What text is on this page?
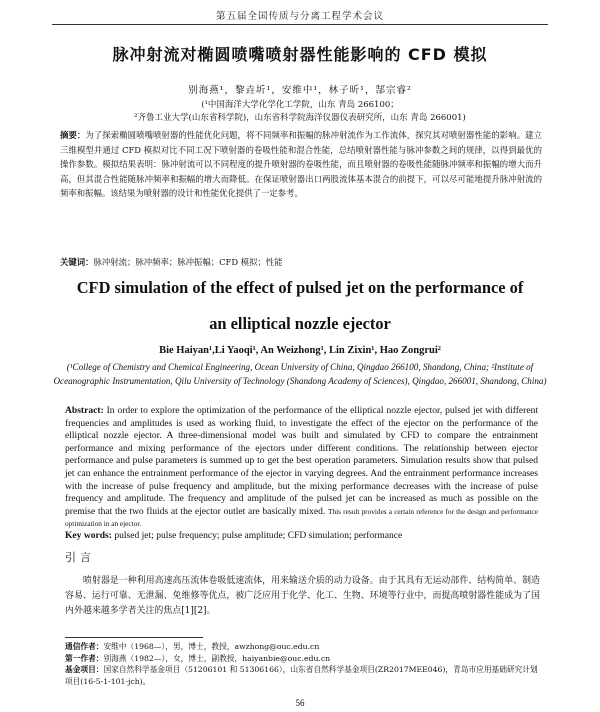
第五届全国传质与分离工程学术会议
脉冲射流对椭圆喷嘴喷射器性能影响的 CFD 模拟
别海燕¹，黎垚圻¹，安维中¹，林子昕¹，郜宗睿²
(¹中国海洋大学化学化工学院，山东 青岛 266100；
²齐鲁工业大学(山东省科学院)，山东省科学院海洋仪器仪表研究所，山东 青岛 266001)
摘要：为了探索椭圆喷嘴喷射器的性能优化问题，将不同频率和振幅的脉冲射流作为工作流体，探究其对喷射器性能的影响。建立三维模型并通过 CFD 模拟对比不同工况下喷射器的卷吸性能和混合性能，总结喷射器性能与脉冲参数之间的规律，以得到最优的操作参数。模拟结果表明：脉冲射流可以不同程度的提升喷射器的卷吸性能，而且喷射器的卷吸性能随脉冲频率和振幅的增大而升高，但其混合性能随脉冲频率和振幅的增大而降低。在保证喷射器出口两股流体基本混合的前提下，可以尽可能地提升脉冲射流的频率和振幅。该结果为喷射器的设计和性能优化提供了一定参考。
关键词：脉冲射流；脉冲频率；脉冲振幅；CFD 模拟；性能
CFD simulation of the effect of pulsed jet on the performance of
an elliptical nozzle ejector
Bie Haiyan¹,Li Yaoqi¹, An Weizhong¹, Lin Zixin¹, Hao Zongrui²
(¹College of Chemistry and Chemical Engineering, Ocean University of China, Qingdao 266100, Shandong, China; ²Institute of Oceanographic Instrumentation, Qilu University of Technology (Shandong Academy of Sciences), Qingdao, 266001, Shandong, China)
Abstract: In order to explore the optimization of the performance of the elliptical nozzle ejector, pulsed jet with different frequencies and amplitudes is used as working fluid, to investigate the effect of the ejector on the performance of the elliptical nozzle ejector. A three-dimensional model was built and simulated by CFD to compare the entrainment performance and mixing performance of the ejectors under different conditions. The relationship between ejector performance and pulse parameters is summed up to get the best operation parameters. Simulation results show that pulsed jet can enhance the entrainment performance of the ejector in varying degrees. And the entrainment performance increases with the increase of pulse frequency and amplitude, but the mixing performance decreases with the increase of pulse frequency and amplitude. The frequency and amplitude of the pulsed jet can be increased as much as possible on the premise that the two fluids at the ejector outlet are basically mixed. This result provides a certain reference for the design and performance optimization in an ejector.
Key words: pulsed jet; pulse frequency; pulse amplitude; CFD simulation; performance
引言
喷射器是一种利用高速高压流体卷吸低速流体，用来输送介质的动力设备。由于其具有无运动部件、结构简单、制造容易、运行可靠、无泄漏、免维修等优点，被广泛应用于化学、化工、生物、环境等行业中，而提高喷射器性能成为了国内外越来越多学者关注的焦点[1][2]。
通信作者：安维中（1968—），男，博士，教授，awzhong@ouc.edu.cn
第一作者：别海燕（1982—），女，博士，副教授，haiyanbie@ouc.edu.cn
基金项目：国家自然科学基金项目（51206101 和 51306166），山东省自然科学基金项目(ZR2017MEE046)，青岛市应用基础研究计划项目(16-5-1-101-jch)。
56
